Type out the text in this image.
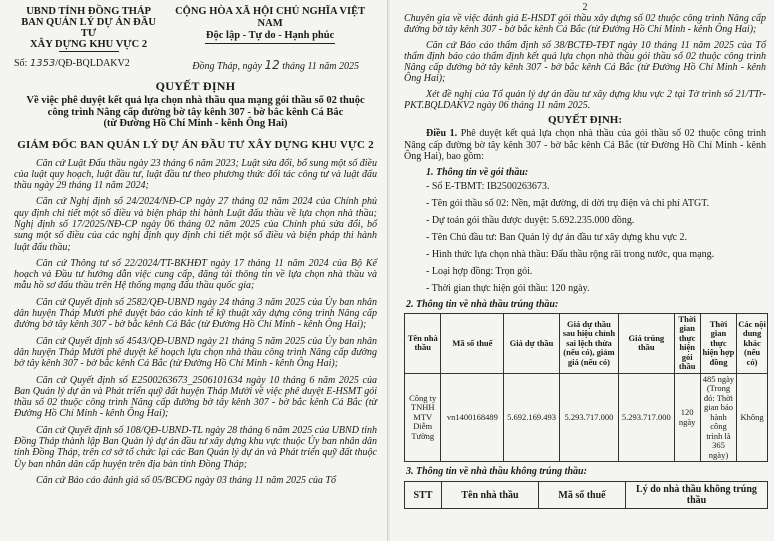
UBND TỈNH ĐỒNG THÁP
BAN QUẢN LÝ DỰ ÁN ĐẦU TƯ
XÂY DỰNG KHU VỰC 2
CỘNG HÒA XÃ HỘI CHỦ NGHĨA VIỆT NAM
Độc lập - Tự do - Hạnh phúc
Số: 1353/QĐ-BQLDAKV2	Đồng Tháp, ngày 12 tháng 11 năm 2025
QUYẾT ĐỊNH
Về việc phê duyệt kết quả lựa chọn nhà thầu qua mạng gói thầu số 02 thuộc
công trình Nâng cấp đường bờ tây kênh 307 - bờ bắc kênh Cá Bắc
(từ Đường Hồ Chí Minh - kênh Ông Hai)
GIÁM ĐỐC BAN QUẢN LÝ DỰ ÁN ĐẦU TƯ XÂY DỰNG KHU VỰC 2

Căn cứ Luật Đấu thầu ngày 23 tháng 6 năm 2023; Luật sửa đổi, bổ sung một số điều của luật quy hoạch, luật đầu tư, luật đầu tư theo phương thức đối tác công tư và luật đấu thầu ngày 29 tháng 11 năm 2024;

Căn cứ Nghị định số 24/2024/NĐ-CP ngày 27 tháng 02 năm 2024 của Chính phủ quy định chi tiết một số điều và biện pháp thi hành Luật đấu thầu về lựa chọn nhà thầu; Nghị định số 17/2025/NĐ-CP ngày 06 tháng 02 năm 2025 của Chính phủ sửa đổi, bổ sung một số điều của các nghị định quy định chi tiết một số điều và biện pháp thi hành luật đấu thầu;

Căn cứ Thông tư số 22/2024/TT-BKHĐT ngày 17 tháng 11 năm 2024 của Bộ Kế hoạch và Đầu tư hướng dẫn việc cung cấp, đăng tải thông tin về lựa chọn nhà thầu và mẫu hồ sơ đấu thầu trên Hệ thống mạng đấu thầu quốc gia;

Căn cứ Quyết định số 2582/QĐ-UBND ngày 24 tháng 3 năm 2025 của Ủy ban nhân dân huyện Tháp Mười phê duyệt báo cáo kinh tế kỹ thuật xây dựng công trình Nâng cấp đường bờ tây kênh 307 - bờ bắc kênh Cá Bắc (từ Đường Hồ Chí Minh - kênh Ông Hai);

Căn cứ Quyết định số 4543/QĐ-UBND ngày 21 tháng 5 năm 2025 của Ủy ban nhân dân huyện Tháp Mười phê duyệt kế hoạch lựa chọn nhà thầu công trình Nâng cấp đường bờ tây kênh 307 - bờ bắc kênh Cá Bắc (từ Đường Hồ Chí Minh - kênh Ông Hai);

Căn cứ Quyết định số E2500263673_2506101634 ngày 10 tháng 6 năm 2025 của Ban Quản lý dự án và Phát triển quỹ đất huyện Tháp Mười về việc phê duyệt E-HSMT gói thầu số 02 thuộc công trình Nâng cấp đường bờ tây kênh 307 - bờ bắc kênh Cá Bắc (từ Đường Hồ Chí Minh - kênh Ông Hai);

Căn cứ Quyết định số 108/QĐ-UBND-TL ngày 28 tháng 6 năm 2025 của UBND tỉnh Đồng Tháp thành lập Ban Quản lý dự án đầu tư xây dựng khu vực thuộc Ủy ban nhân dân tỉnh Đồng Tháp, trên cơ sở tổ chức lại các Ban Quản lý dự án và Phát triển quỹ đất thuộc Ủy ban nhân dân cấp huyện trên địa bàn tỉnh Đồng Tháp;

Căn cứ Báo cáo đánh giá số 05/BCĐG ngày 03 tháng 11 năm 2025 của Tổ

2

Chuyên gia về việc đánh giá E-HSDT gói thầu xây dựng số 02 thuộc công trình Nâng cấp đường bờ tây kênh 307 - bờ bắc kênh Cá Bắc (từ Đường Hồ Chí Minh - kênh Ông Hai);

Căn cứ Báo cáo thẩm định số 38/BCTĐ-TĐT ngày 10 tháng 11 năm 2025 của Tổ thẩm định báo cáo thẩm định kết quả lựa chọn nhà thầu gói thầu số 02 thuộc công trình Nâng cấp đường bờ tây kênh 307 - bờ bắc kênh Cá Bắc (từ Đường Hồ Chí Minh - kênh Ông Hai);

Xét đề nghị của Tổ quản lý dự án đầu tư xây dựng khu vực 2 tại Tờ trình số 21/TTr-PKT.BQLDAKV2 ngày 06 tháng 11 năm 2025.

QUYẾT ĐỊNH:

Điều 1. Phê duyệt kết quả lựa chọn nhà thầu của gói thầu số 02 thuộc công trình Nâng cấp đường bờ tây kênh 307 - bờ bắc kênh Cá Bắc (từ Đường Hồ Chí Minh - kênh Ông Hai), bao gồm:

1. Thông tin về gói thầu:
- Số E-TBMT: IB2500263673.
- Tên gói thầu số 02: Nền, mặt đường, di dời trụ điện và chi phí ATGT.
- Dự toán gói thầu được duyệt: 5.692.235.000 đồng.
- Tên Chủ đầu tư: Ban Quản lý dự án đầu tư xây dựng khu vực 2.
- Hình thức lựa chọn nhà thầu: Đấu thầu rộng rãi trong nước, qua mạng.
- Loại hợp đồng: Trọn gói.
- Thời gian thực hiện gói thầu: 120 ngày.
2. Thông tin về nhà thầu trúng thầu:
Tên nhà thầu	Mã số thuế	Giá dự thầu	Giá dự thầu sau hiệu chỉnh sai lệch thừa (nếu có), giảm giá (nếu có)	Giá trúng thầu	Thời gian thực hiện gói thầu	Thời gian thực hiện hợp đồng	Các nội dung khác (nếu có)
Công ty TNHH MTV Diễm Tường	vn1400168489	5.692.169.493	5.293.717.000	5.293.717.000	120 ngày	485 ngày (Trong đó: Thời gian bảo hành công trình là 365 ngày)	Không
3. Thông tin về nhà thầu không trúng thầu:
STT	Tên nhà thầu	Mã số thuế	Lý do nhà thầu không trúng thầu
